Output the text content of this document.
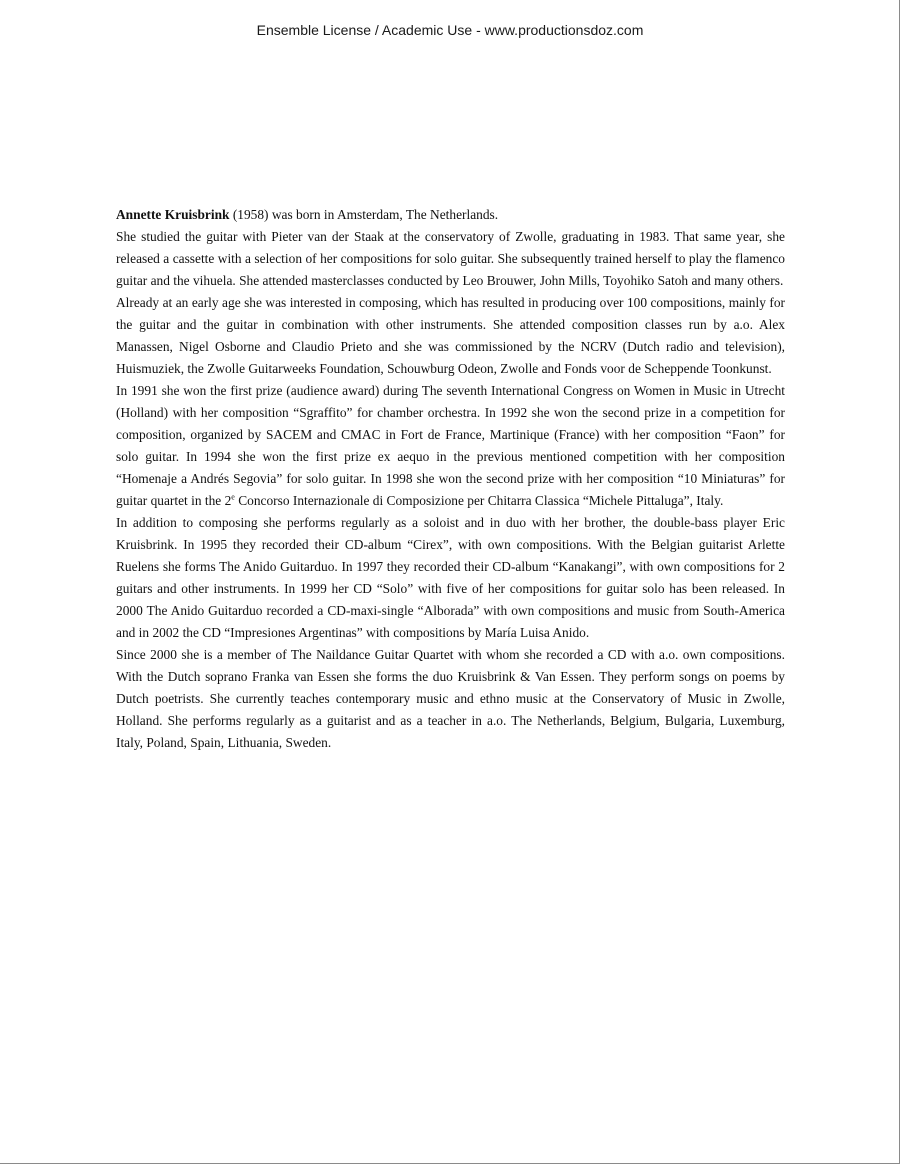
Ensemble License / Academic Use - www.productionsdoz.com

Annette Kruisbrink (1958) was born in Amsterdam, The Netherlands.

She studied the guitar with Pieter van der Staak at the conservatory of Zwolle, graduating in 1983. That same year, she released a cassette with a selection of her compositions for solo guitar. She subsequently trained herself to play the flamenco guitar and the vihuela. She attended masterclasses conducted by Leo Brouwer, John Mills, Toyohiko Satoh and many others.

Already at an early age she was interested in composing, which has resulted in producing over 100 compositions, mainly for the guitar and the guitar in combination with other instruments. She attended composition classes run by a.o. Alex Manassen, Nigel Osborne and Claudio Prieto and she was commissioned by the NCRV (Dutch radio and television), Huismuziek, the Zwolle Guitarweeks Foundation, Schouwburg Odeon, Zwolle and Fonds voor de Scheppende Toonkunst.

In 1991 she won the first prize (audience award) during The seventh International Congress on Women in Music in Utrecht (Holland) with her composition “Sgraffito” for chamber orchestra. In 1992 she won the second prize in a competition for composition, organized by SACEM and CMAC in Fort de France, Martinique (France) with her composition “Faon” for solo guitar. In 1994 she won the first prize ex aequo in the previous mentioned competition with her composition “Homenaje a Andrés Segovia” for solo guitar. In 1998 she won the second prize with her composition “10 Miniaturas” for guitar quartet in the 2e Concorso Internazionale di Composizione per Chitarra Classica “Michele Pittaluga”, Italy.

In addition to composing she performs regularly as a soloist and in duo with her brother, the double-bass player Eric Kruisbrink. In 1995 they recorded their CD-album “Cirex”, with own compositions. With the Belgian guitarist Arlette Ruelens she forms The Anido Guitarduo. In 1997 they recorded their CD-album “Kanakangi”, with own compositions for 2 guitars and other instruments. In 1999 her CD “Solo” with five of her compositions for guitar solo has been released. In 2000 The Anido Guitarduo recorded a CD-maxi-single “Alborada” with own compositions and music from South-America and in 2002 the CD “Impresiones Argentinas” with compositions by María Luisa Anido.

Since 2000 she is a member of The Naildance Guitar Quartet with whom she recorded a CD with a.o. own compositions. With the Dutch soprano Franka van Essen she forms the duo Kruisbrink & Van Essen. They perform songs on poems by Dutch poetrists. She currently teaches contemporary music and ethno music at the Conservatory of Music in Zwolle, Holland. She performs regularly as a guitarist and as a teacher in a.o. The Netherlands, Belgium, Bulgaria, Luxemburg, Italy, Poland, Spain, Lithuania, Sweden.
